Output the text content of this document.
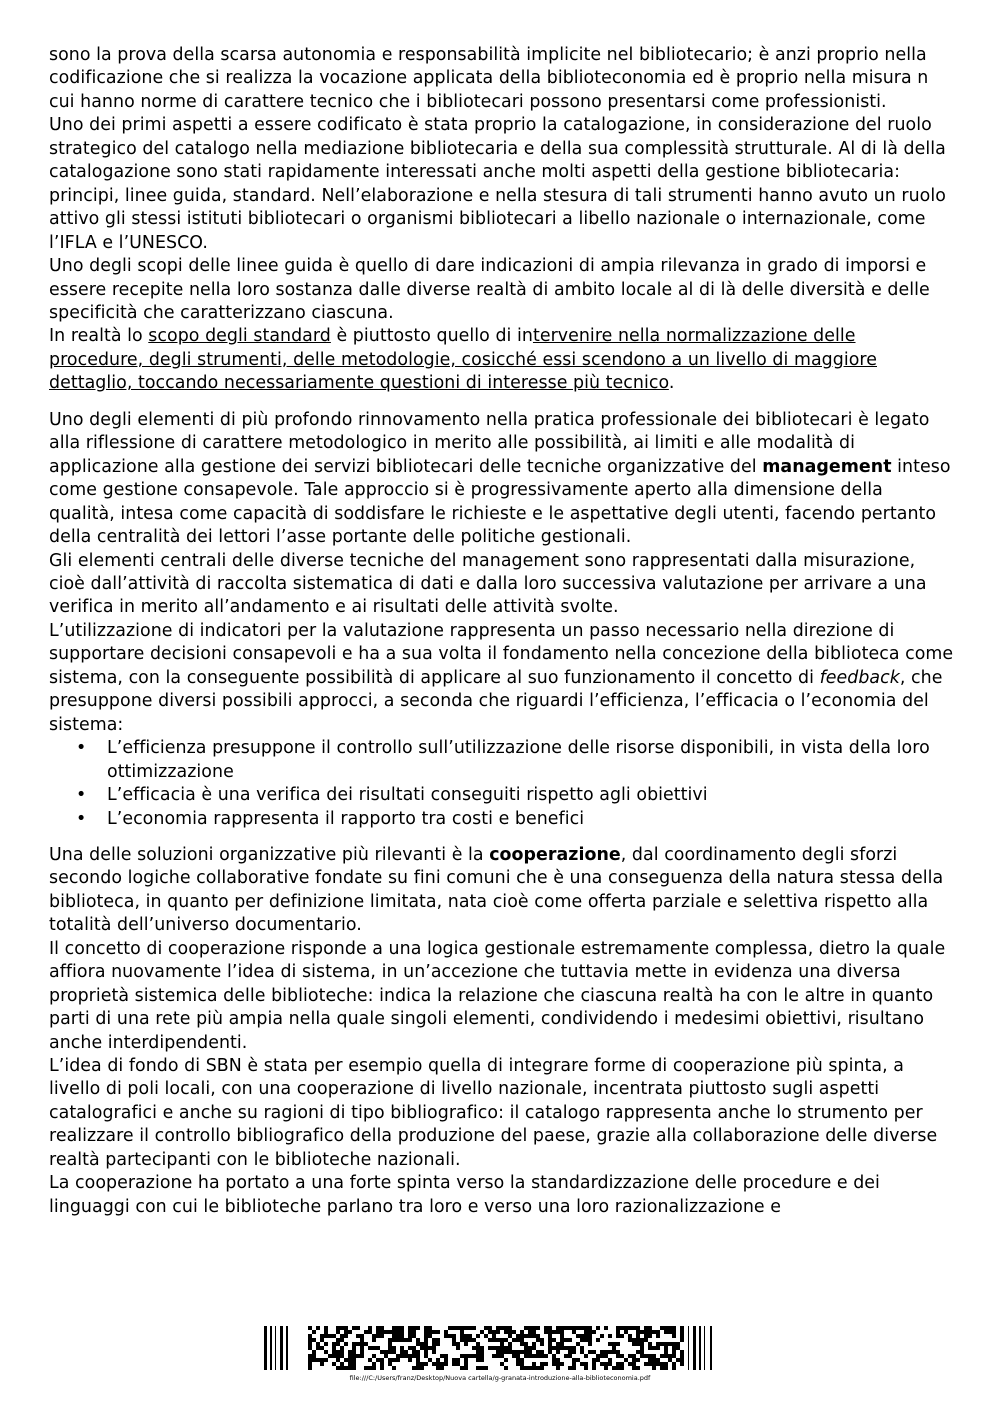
sono la prova della scarsa autonomia e responsabilità implicite nel bibliotecario; è anzi proprio nella codificazione che si realizza la vocazione applicata della biblioteconomia ed è proprio nella misura n cui hanno norme di carattere tecnico che i bibliotecari possono presentarsi come professionisti.

Uno dei primi aspetti a essere codificato è stata proprio la catalogazione, in considerazione del ruolo strategico del catalogo nella mediazione bibliotecaria e della sua complessità strutturale. Al di là della catalogazione sono stati rapidamente interessati anche molti aspetti della gestione bibliotecaria: principi, linee guida, standard. Nell’elaborazione e nella stesura di tali strumenti hanno avuto un ruolo attivo gli stessi istituti bibliotecari o organismi bibliotecari a libello nazionale o internazionale, come l’IFLA e l’UNESCO.

Uno degli scopi delle linee guida è quello di dare indicazioni di ampia rilevanza in grado di imporsi e essere recepite nella loro sostanza dalle diverse realtà di ambito locale al di là delle diversità e delle specificità che caratterizzano ciascuna.

In realtà lo scopo degli standard è piuttosto quello di intervenire nella normalizzazione delle procedure, degli strumenti, delle metodologie, cosicché essi scendono a un livello di maggiore dettaglio, toccando necessariamente questioni di interesse più tecnico.

Uno degli elementi di più profondo rinnovamento nella pratica professionale dei bibliotecari è legato alla riflessione di carattere metodologico in merito alle possibilità, ai limiti e alle modalità di applicazione alla gestione dei servizi bibliotecari delle tecniche organizzative del management inteso come gestione consapevole. Tale approccio si è progressivamente aperto alla dimensione della qualità, intesa come capacità di soddisfare le richieste e le aspettative degli utenti, facendo pertanto della centralità dei lettori l’asse portante delle politiche gestionali.

Gli elementi centrali delle diverse tecniche del management sono rappresentati dalla misurazione, cioè dall’attività di raccolta sistematica di dati e dalla loro successiva valutazione per arrivare a una verifica in merito all’andamento e ai risultati delle attività svolte.

L’utilizzazione di indicatori per la valutazione rappresenta un passo necessario nella direzione di supportare decisioni consapevoli e ha a sua volta il fondamento nella concezione della biblioteca come sistema, con la conseguente possibilità di applicare al suo funzionamento il concetto di feedback, che presuppone diversi possibili approcci, a seconda che riguardi l’efficienza, l’efficacia o l’economia del sistema:

• L’efficienza presuppone il controllo sull’utilizzazione delle risorse disponibili, in vista della loro ottimizzazione
• L’efficacia è una verifica dei risultati conseguiti rispetto agli obiettivi
• L’economia rappresenta il rapporto tra costi e benefici

Una delle soluzioni organizzative più rilevanti è la cooperazione, dal coordinamento degli sforzi secondo logiche collaborative fondate su fini comuni che è una conseguenza della natura stessa della biblioteca, in quanto per definizione limitata, nata cioè come offerta parziale e selettiva rispetto alla totalità dell’universo documentario.

Il concetto di cooperazione risponde a una logica gestionale estremamente complessa, dietro la quale affiora nuovamente l’idea di sistema, in un’accezione che tuttavia mette in evidenza una diversa proprietà sistemica delle biblioteche: indica la relazione che ciascuna realtà ha con le altre in quanto parti di una rete più ampia nella quale singoli elementi, condividendo i medesimi obiettivi, risultano anche interdipendenti.

L’idea di fondo di SBN è stata per esempio quella di integrare forme di cooperazione più spinta, a livello di poli locali, con una cooperazione di livello nazionale, incentrata piuttosto sugli aspetti catalografici e anche su ragioni di tipo bibliografico: il catalogo rappresenta anche lo strumento per realizzare il controllo bibliografico della produzione del paese, grazie alla collaborazione delle diverse realtà partecipanti con le biblioteche nazionali.

La cooperazione ha portato a una forte spinta verso la standardizzazione delle procedure e dei linguaggi con cui le biblioteche parlano tra loro e verso una loro razionalizzazione e

file:///C:/Users/franz/Desktop/Nuova cartella/g-granata-introduzione-alla-biblioteconomia.pdf
